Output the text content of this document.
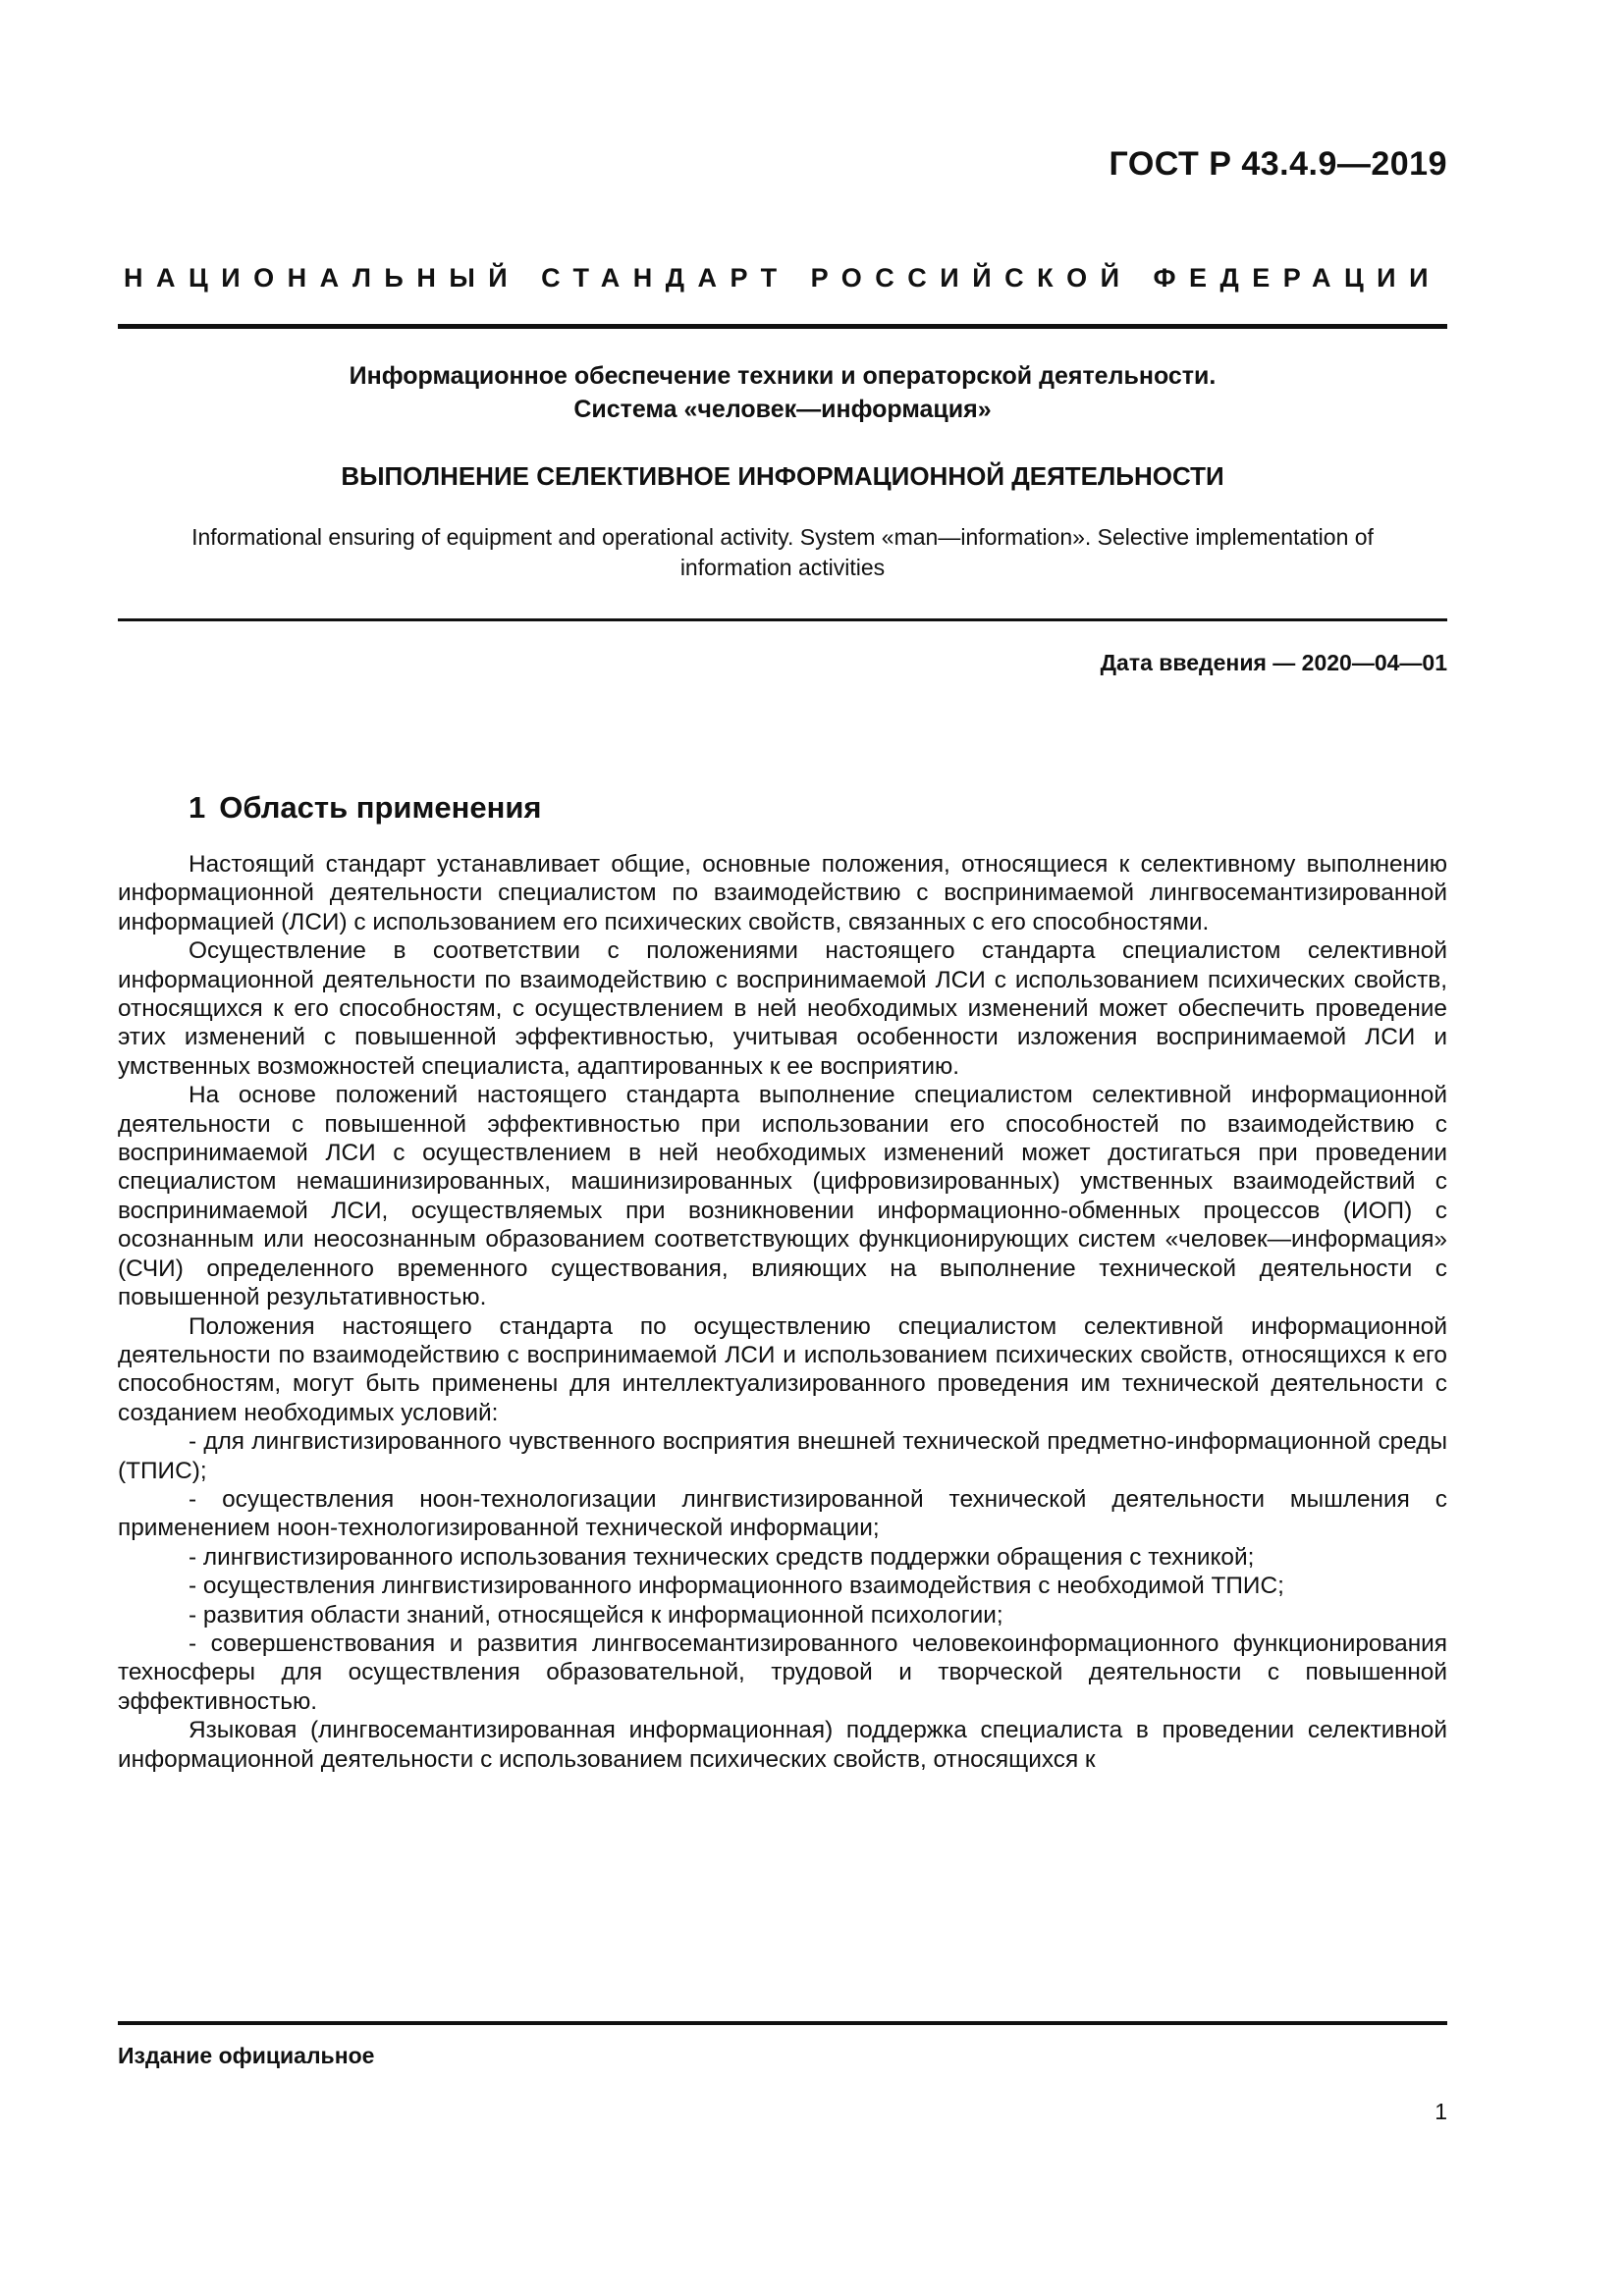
ГОСТ Р 43.4.9—2019
НАЦИОНАЛЬНЫЙ СТАНДАРТ РОССИЙСКОЙ ФЕДЕРАЦИИ
Информационное обеспечение техники и операторской деятельности.
Система «человек—информация»
ВЫПОЛНЕНИЕ СЕЛЕКТИВНОЕ ИНФОРМАЦИОННОЙ ДЕЯТЕЛЬНОСТИ
Informational ensuring of equipment and operational activity. System «man—information». Selective implementation of
information activities
Дата введения — 2020—04—01
1 Область применения

Настоящий стандарт устанавливает общие, основные положения, относящиеся к селективному выполнению информационной деятельности специалистом по взаимодействию с воспринимаемой лингвосемантизированной информацией (ЛСИ) с использованием его психических свойств, связанных с его способностями.

Осуществление в соответствии с положениями настоящего стандарта специалистом селективной информационной деятельности по взаимодействию с воспринимаемой ЛСИ с использованием психических свойств, относящихся к его способностям, с осуществлением в ней необходимых изменений может обеспечить проведение этих изменений с повышенной эффективностью, учитывая особенности изложения воспринимаемой ЛСИ и умственных возможностей специалиста, адаптированных к ее восприятию.

На основе положений настоящего стандарта выполнение специалистом селективной информационной деятельности с повышенной эффективностью при использовании его способностей по взаимодействию с воспринимаемой ЛСИ с осуществлением в ней необходимых изменений может достигаться при проведении специалистом немашинизированных, машинизированных (цифровизированных) умственных взаимодействий с воспринимаемой ЛСИ, осуществляемых при возникновении информационно-обменных процессов (ИОП) с осознанным или неосознанным образованием соответствующих функционирующих систем «человек—информация» (СЧИ) определенного временного существования, влияющих на выполнение технической деятельности с повышенной результативностью.

Положения настоящего стандарта по осуществлению специалистом селективной информационной деятельности по взаимодействию с воспринимаемой ЛСИ и использованием психических свойств, относящихся к его способностям, могут быть применены для интеллектуализированного проведения им технической деятельности с созданием необходимых условий:

- для лингвистизированного чувственного восприятия внешней технической предметно-информационной среды (ТПИС);

- осуществления ноон-технологизации лингвистизированной технической деятельности мышления с применением ноон-технологизированной технической информации;

- лингвистизированного использования технических средств поддержки обращения с техникой;

- осуществления лингвистизированного информационного взаимодействия с необходимой ТПИС;

- развития области знаний, относящейся к информационной психологии;

- совершенствования и развития лингвосемантизированного человекоинформационного функционирования техносферы для осуществления образовательной, трудовой и творческой деятельности с повышенной эффективностью.

Языковая (лингвосемантизированная информационная) поддержка специалиста в проведении селективной информационной деятельности с использованием психических свойств, относящихся к

Издание официальное
1
